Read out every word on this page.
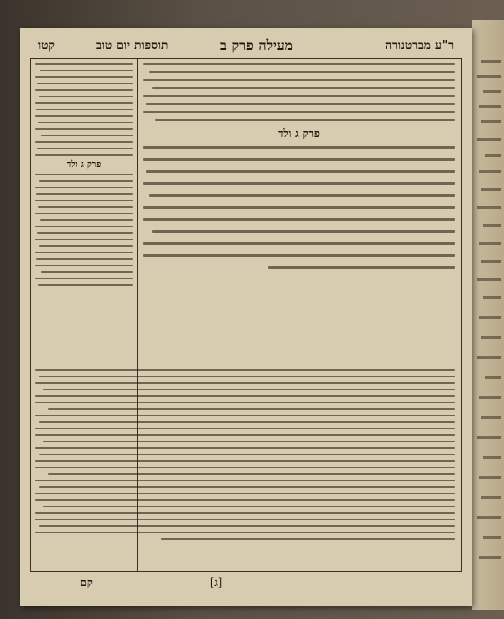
ר"ע מברטנורה
מעילה פרק ב
תוספות יום טוב
קטו
פרק ג ולד
פרק ג ולד
[ג]
קם
